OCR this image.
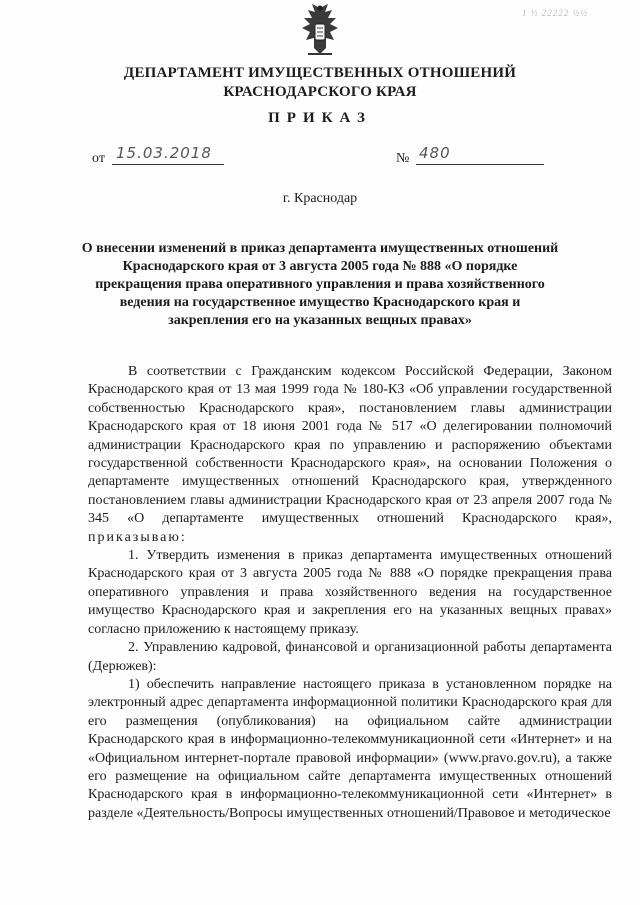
1 ½ 22222 ½½
ДЕПАРТАМЕНТ ИМУЩЕСТВЕННЫХ ОТНОШЕНИЙ
КРАСНОДАРСКОГО КРАЯ
ПРИКАЗ
от 15.03.2018	№ 480
г. Краснодар
О внесении изменений в приказ департамента имущественных отношений
Краснодарского края от 3 августа 2005 года № 888 «О порядке
прекращения права оперативного управления и права хозяйственного
ведения на государственное имущество Краснодарского края и
закрепления его на указанных вещных правах»

В соответствии с Гражданским кодексом Российской Федерации, Законом Краснодарского края от 13 мая 1999 года № 180-КЗ «Об управлении государственной собственностью Краснодарского края», постановлением главы администрации Краснодарского края от 18 июня 2001 года № 517 «О делегировании полномочий администрации Краснодарского края по управлению и распоряжению объектами государственной собственности Краснодарского края», на основании Положения о департаменте имущественных отношений Краснодарского края, утвержденного постановлением главы администрации Краснодарского края от 23 апреля 2007 года № 345 «О департаменте имущественных отношений Краснодарского края», приказываю:

1. Утвердить изменения в приказ департамента имущественных отношений Краснодарского края от 3 августа 2005 года № 888 «О порядке прекращения права оперативного управления и права хозяйственного ведения на государственное имущество Краснодарского края и закрепления его на указанных вещных правах» согласно приложению к настоящему приказу.

2. Управлению кадровой, финансовой и организационной работы департамента (Дерюжев):

1) обеспечить направление настоящего приказа в установленном порядке на электронный адрес департамента информационной политики Краснодарского края для его размещения (опубликования) на официальном сайте администрации Краснодарского края в информационно-телекоммуникационной сети «Интернет» и на «Официальном интернет-портале правовой информации» (www.pravo.gov.ru), а также его размещение на официальном сайте департамента имущественных отношений Краснодарского края в информационно-телекоммуникационной сети «Интернет» в разделе «Деятельность/Вопросы имущественных отношений/Правовое и методическое
